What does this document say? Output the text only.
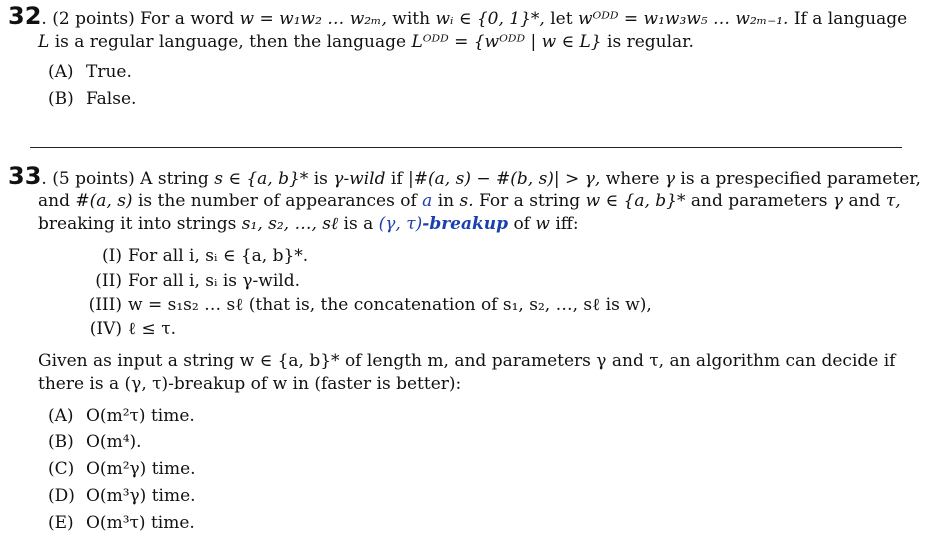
32. (2 points) For a word w = w₁w₂ … w₂ₘ, with wᵢ ∈ {0, 1}*, let wᴼᴰᴰ = w₁w₃w₅ … w₂ₘ₋₁. If a language
L is a regular language, then the language Lᴼᴰᴰ = {wᴼᴰᴰ | w ∈ L} is regular.
(A) True.
(B) False.
33. (5 points) A string s ∈ {a, b}* is γ-wild if |#(a, s) − #(b, s)| > γ, where γ is a prespecified parameter,
and #(a, s) is the number of appearances of a in s. For a string w ∈ {a, b}* and parameters γ and τ,
breaking it into strings s₁, s₂, …, sℓ is a (γ, τ)-breakup of w iff:
(I) For all i, sᵢ ∈ {a, b}*.
(II) For all i, sᵢ is γ-wild.
(III) w = s₁s₂ … sℓ (that is, the concatenation of s₁, s₂, …, sℓ is w),
(IV) ℓ ≤ τ.
Given as input a string w ∈ {a, b}* of length m, and parameters γ and τ, an algorithm can decide if
there is a (γ, τ)-breakup of w in (faster is better):
(A) O(m²τ) time.
(B) O(m⁴).
(C) O(m²γ) time.
(D) O(m³γ) time.
(E) O(m³τ) time.
